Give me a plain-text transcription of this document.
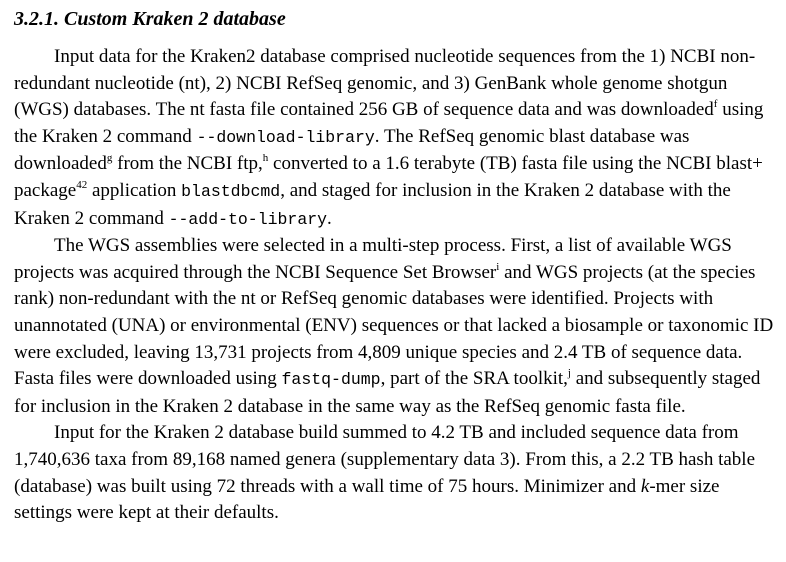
3.2.1. Custom Kraken 2 database

Input data for the Kraken2 database comprised nucleotide sequences from the 1) NCBI non-redundant nucleotide (nt), 2) NCBI RefSeq genomic, and 3) GenBank whole genome shotgun (WGS) databases. The nt fasta file contained 256 GB of sequence data and was downloaded$^f$ using the Kraken 2 command --download-library. The RefSeq genomic blast database was downloaded$^g$ from the NCBI ftp,$^h$ converted to a 1.6 terabyte (TB) fasta file using the NCBI blast+ package$^{42}$ application blastdbcmd, and staged for inclusion in the Kraken 2 database with the Kraken 2 command --add-to-library.

The WGS assemblies were selected in a multi-step process. First, a list of available WGS projects was acquired through the NCBI Sequence Set Browser$^i$ and WGS projects (at the species rank) non-redundant with the nt or RefSeq genomic databases were identified. Projects with unannotated (UNA) or environmental (ENV) sequences or that lacked a biosample or taxonomic ID were excluded, leaving 13,731 projects from 4,809 unique species and 2.4 TB of sequence data. Fasta files were downloaded using fastq-dump, part of the SRA toolkit,$^j$ and subsequently staged for inclusion in the Kraken 2 database in the same way as the RefSeq genomic fasta file.

Input for the Kraken 2 database build summed to 4.2 TB and included sequence data from 1,740,636 taxa from 89,168 named genera (supplementary data 3). From this, a 2.2 TB hash table (database) was built using 72 threads with a wall time of 75 hours. Minimizer and k-mer size settings were kept at their defaults.
